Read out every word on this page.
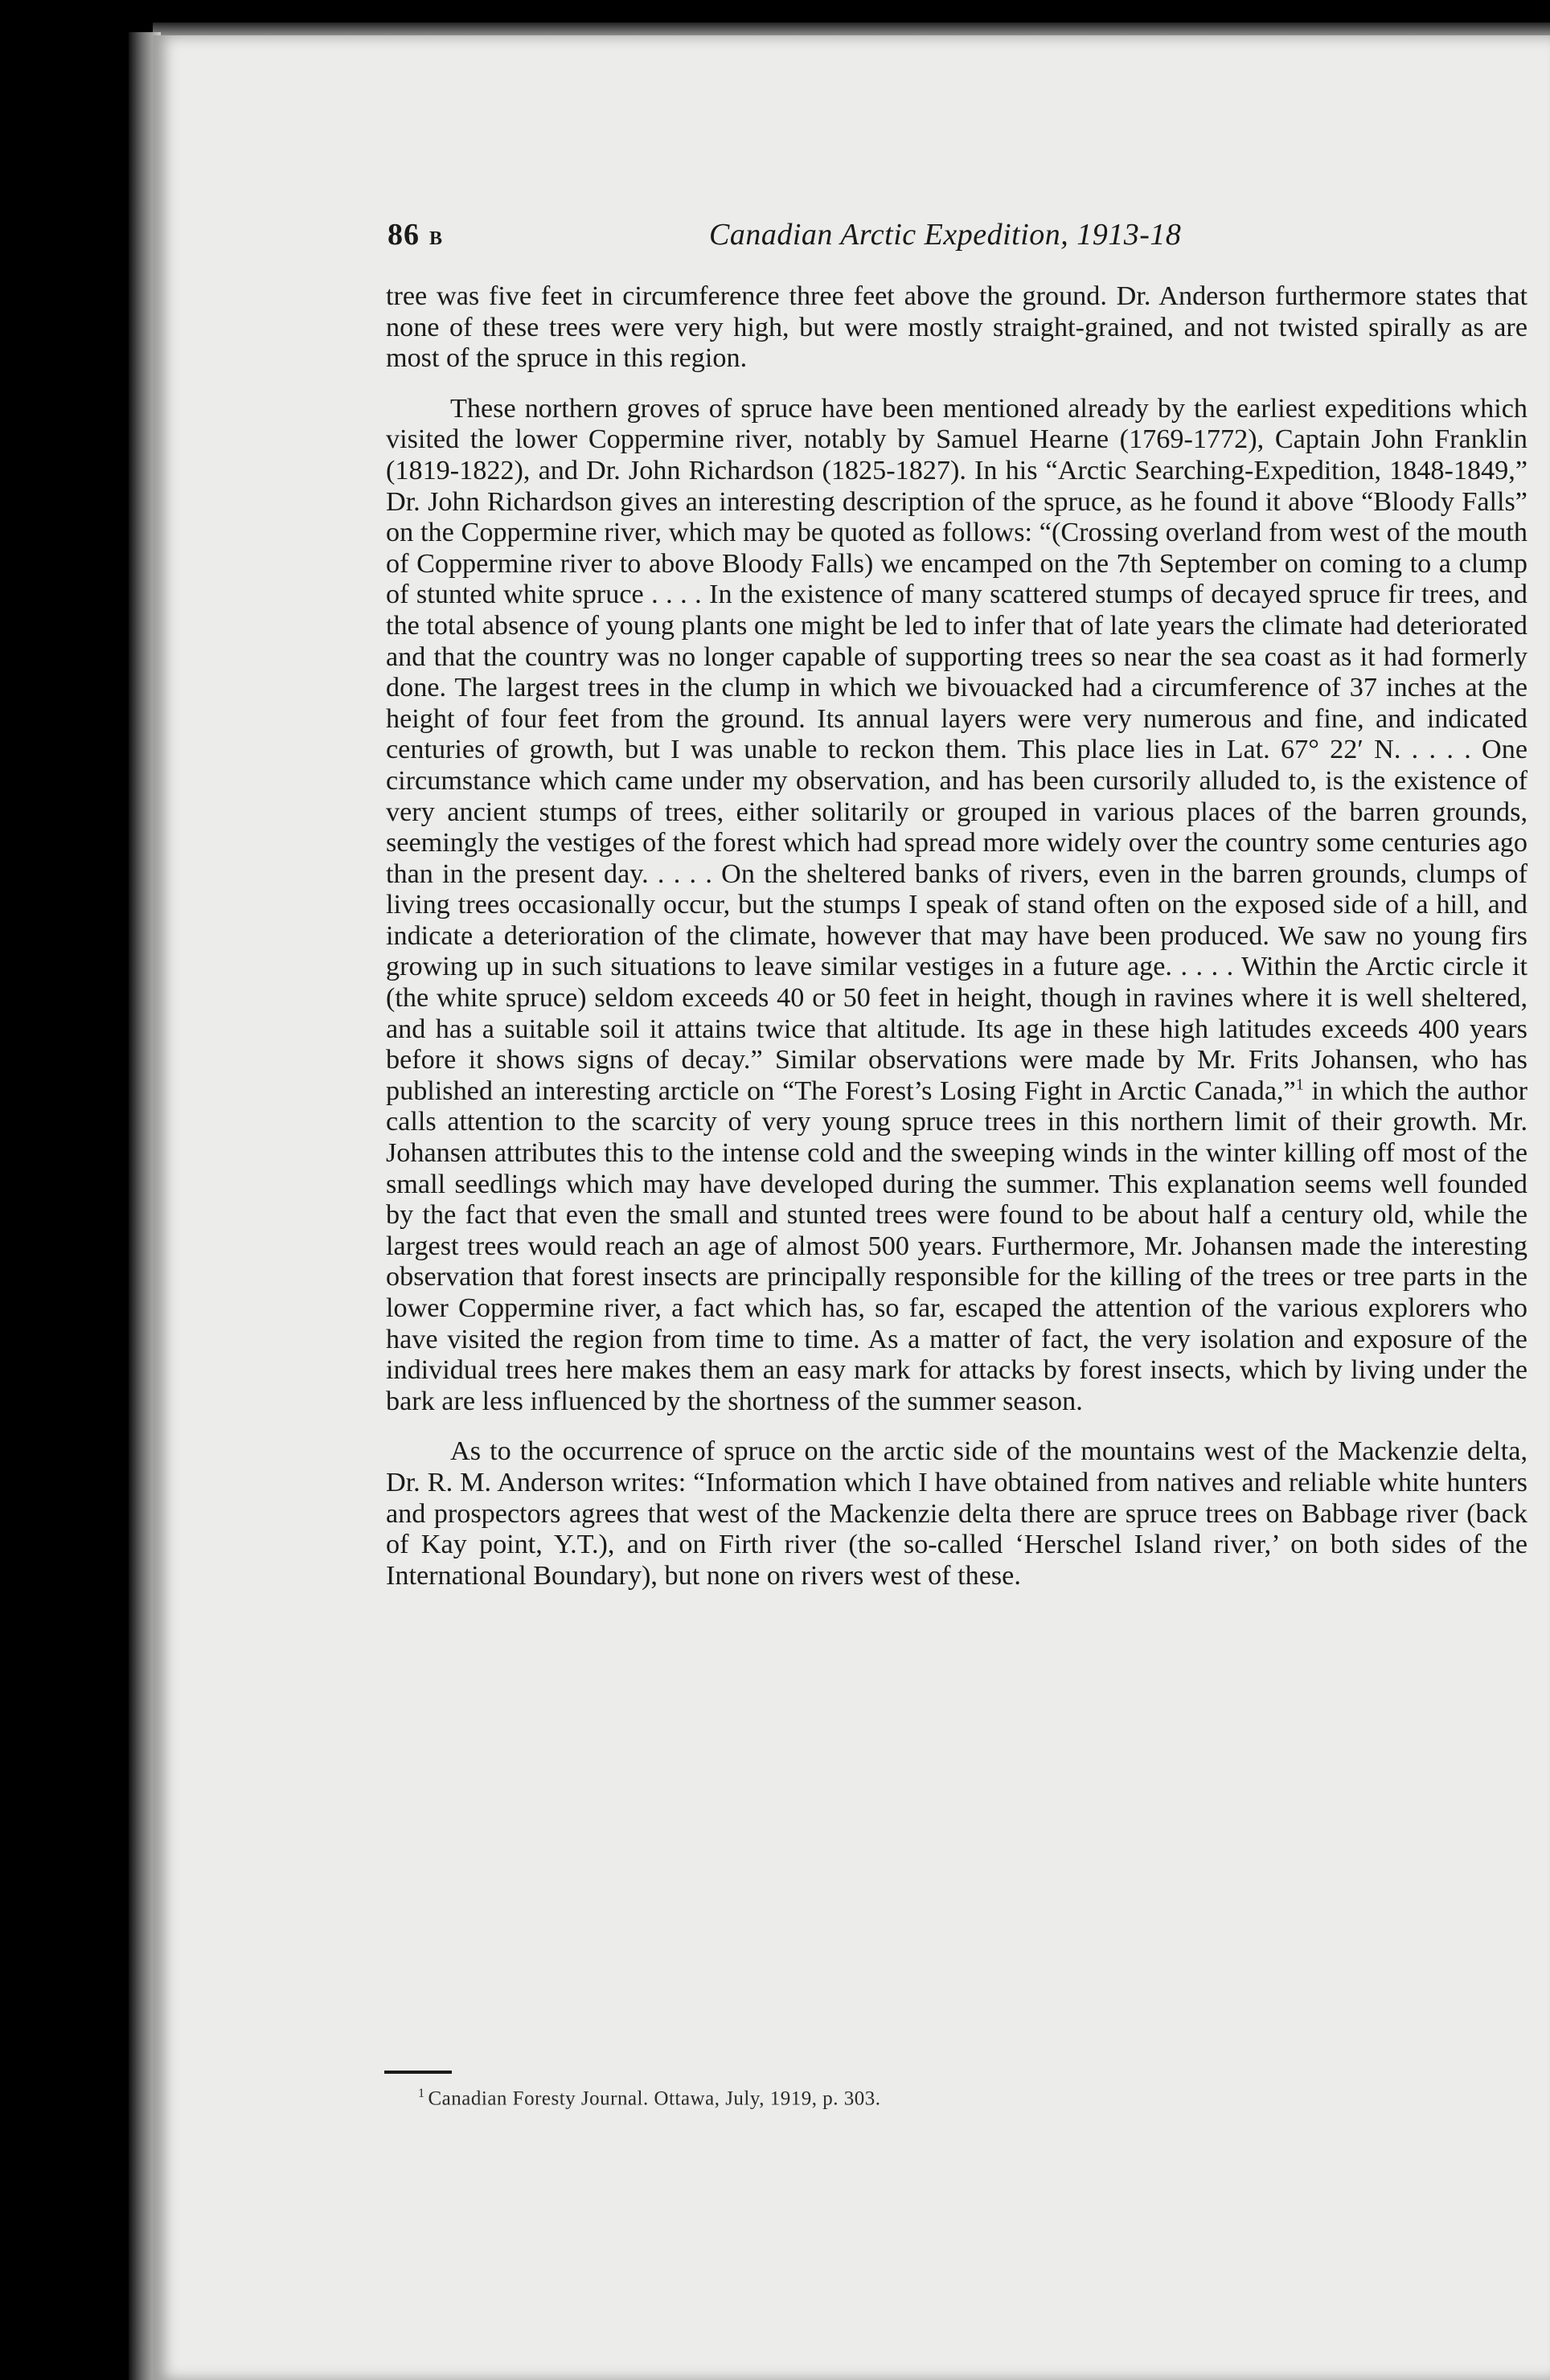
86 B	Canadian Arctic Expedition, 1913-18

tree was five feet in circumference three feet above the ground. Dr. Anderson furthermore states that none of these trees were very high, but were mostly straight-grained, and not twisted spirally as are most of the spruce in this region.

These northern groves of spruce have been mentioned already by the earliest expeditions which visited the lower Coppermine river, notably by Samuel Hearne (1769-1772), Captain John Franklin (1819-1822), and Dr. John Richardson (1825-1827). In his “Arctic Searching-Expedition, 1848-1849,” Dr. John Richardson gives an interesting description of the spruce, as he found it above “Bloody Falls” on the Coppermine river, which may be quoted as follows: “(Crossing overland from west of the mouth of Coppermine river to above Bloody Falls) we encamped on the 7th September on coming to a clump of stunted white spruce . . . . In the existence of many scattered stumps of decayed spruce fir trees, and the total absence of young plants one might be led to infer that of late years the climate had deteriorated and that the country was no longer capable of supporting trees so near the sea coast as it had formerly done. The largest trees in the clump in which we bivouacked had a circumference of 37 inches at the height of four feet from the ground. Its annual layers were very numerous and fine, and indicated centuries of growth, but I was unable to reckon them. This place lies in Lat. 67° 22′ N. . . . . One circumstance which came under my observation, and has been cursorily alluded to, is the existence of very ancient stumps of trees, either solitarily or grouped in various places of the barren grounds, seemingly the vestiges of the forest which had spread more widely over the country some centuries ago than in the present day. . . . . On the sheltered banks of rivers, even in the barren grounds, clumps of living trees occasionally occur, but the stumps I speak of stand often on the exposed side of a hill, and indicate a deterioration of the climate, however that may have been produced. We saw no young firs growing up in such situations to leave similar vestiges in a future age. . . . . Within the Arctic circle it (the white spruce) seldom exceeds 40 or 50 feet in height, though in ravines where it is well sheltered, and has a suitable soil it attains twice that altitude. Its age in these high latitudes exceeds 400 years before it shows signs of decay.” Similar observations were made by Mr. Frits Johansen, who has published an interesting arcticle on “The Forest’s Losing Fight in Arctic Canada,”$^1$ in which the author calls attention to the scarcity of very young spruce trees in this northern limit of their growth. Mr. Johansen attributes this to the intense cold and the sweeping winds in the winter killing off most of the small seedlings which may have developed during the summer. This explanation seems well founded by the fact that even the small and stunted trees were found to be about half a century old, while the largest trees would reach an age of almost 500 years. Furthermore, Mr. Johansen made the interesting observation that forest insects are principally responsible for the killing of the trees or tree parts in the lower Coppermine river, a fact which has, so far, escaped the attention of the various explorers who have visited the region from time to time. As a matter of fact, the very isolation and exposure of the individual trees here makes them an easy mark for attacks by forest insects, which by living under the bark are less influenced by the shortness of the summer season.

As to the occurrence of spruce on the arctic side of the mountains west of the Mackenzie delta, Dr. R. M. Anderson writes: “Information which I have obtained from natives and reliable white hunters and prospectors agrees that west of the Mackenzie delta there are spruce trees on Babbage river (back of Kay point, Y.T.), and on Firth river (the so-called ‘Herschel Island river,’ on both sides of the International Boundary), but none on rivers west of these.

$^1$ Canadian Foresty Journal. Ottawa, July, 1919, p. 303.
